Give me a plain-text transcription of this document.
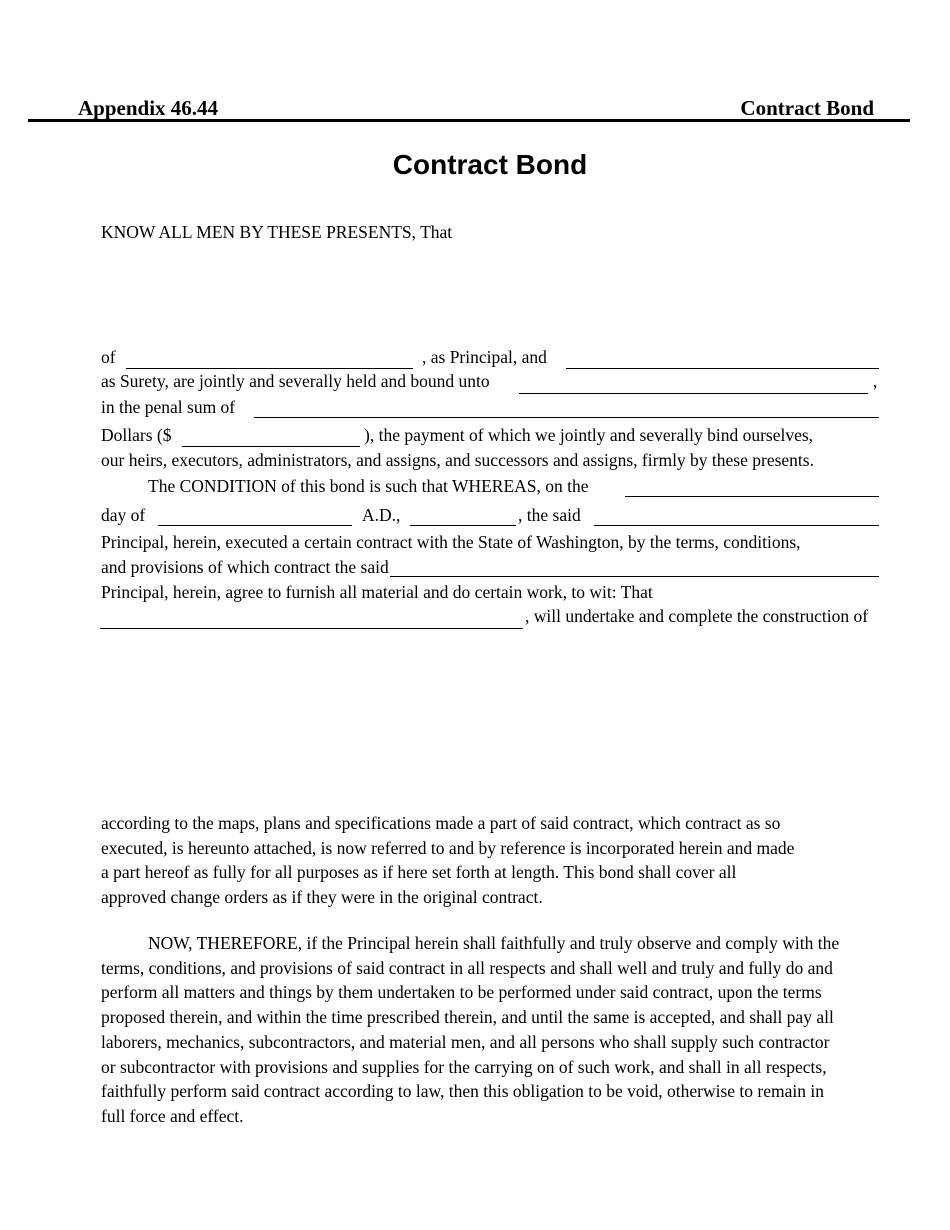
Appendix 46.44	Contract Bond
Contract Bond
KNOW ALL MEN BY THESE PRESENTS, That
of	, as Principal, and
as Surety, are jointly and severally held and bound unto	,
in the penal sum of
Dollars ($	), the payment of which we jointly and severally bind ourselves,
our heirs, executors, administrators, and assigns, and successors and assigns, firmly by these presents.
The CONDITION of this bond is such that WHEREAS, on the
day of	A.D.,	, the said
Principal, herein, executed a certain contract with the State of Washington, by the terms, conditions,
and provisions of which contract the said
Principal, herein, agree to furnish all material and do certain work, to wit: That
, will undertake and complete the construction of
according to the maps, plans and specifications made a part of said contract, which contract as so
executed, is hereunto attached, is now referred to and by reference is incorporated herein and made
a part hereof as fully for all purposes as if here set forth at length. This bond shall cover all
approved change orders as if they were in the original contract.
NOW, THEREFORE, if the Principal herein shall faithfully and truly observe and comply with the
terms, conditions, and provisions of said contract in all respects and shall well and truly and fully do and
perform all matters and things by them undertaken to be performed under said contract, upon the terms
proposed therein, and within the time prescribed therein, and until the same is accepted, and shall pay all
laborers, mechanics, subcontractors, and material men, and all persons who shall supply such contractor
or subcontractor with provisions and supplies for the carrying on of such work, and shall in all respects,
faithfully perform said contract according to law, then this obligation to be void, otherwise to remain in
full force and effect.
